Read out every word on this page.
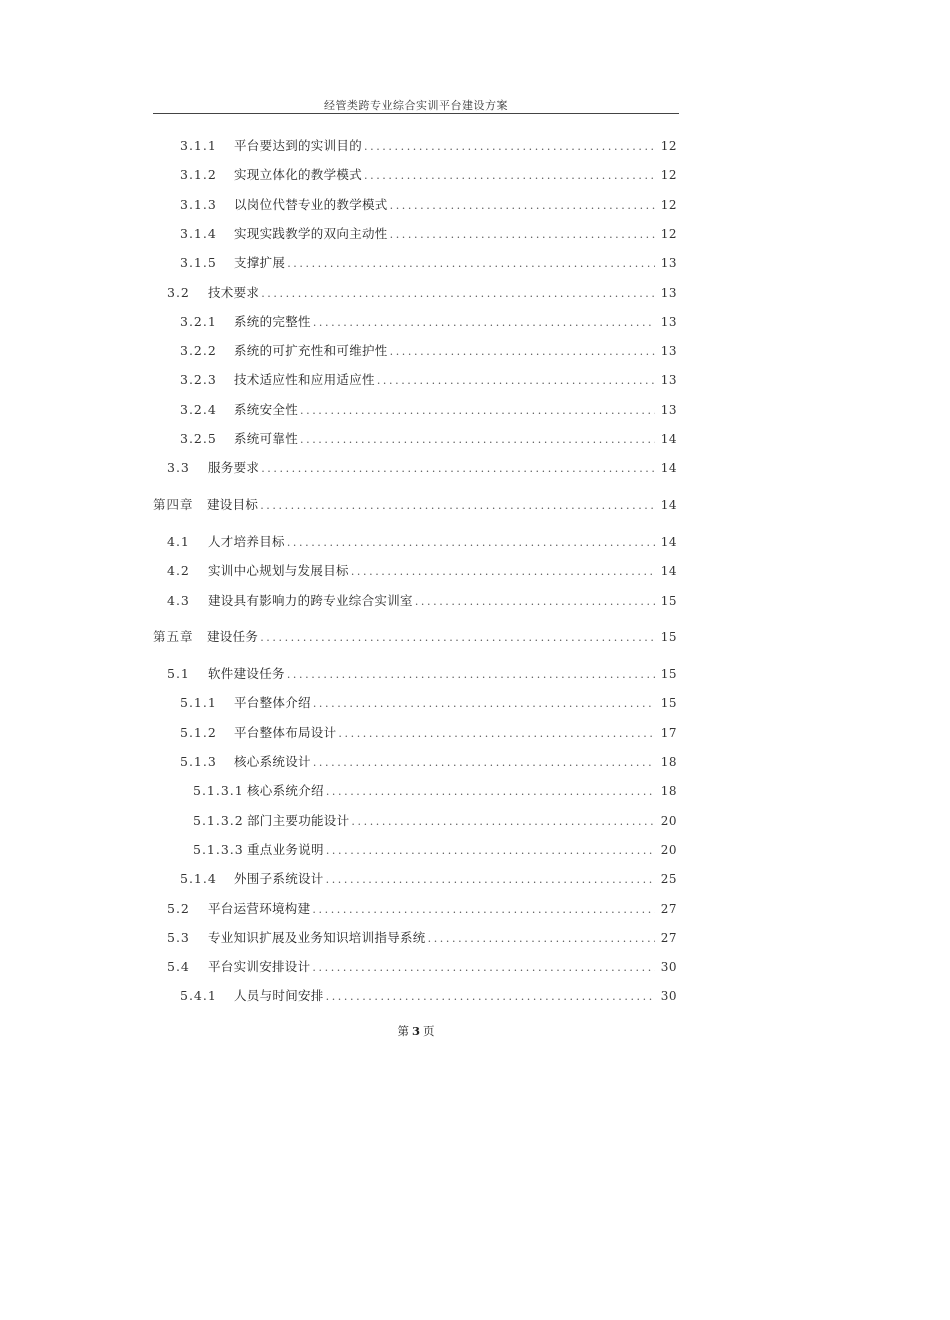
经管类跨专业综合实训平台建设方案
3.1.1	平台要达到的实训目的 .....	12
3.1.2	实现立体化的教学模式 .....	12
3.1.3	以岗位代替专业的教学模式 .....	12
3.1.4	实现实践教学的双向主动性 .....	12
3.1.5	支撑扩展 .....	13
3.2	技术要求 .....	13
3.2.1	系统的完整性 .....	13
3.2.2	系统的可扩充性和可维护性 .....	13
3.2.3	技术适应性和应用适应性 .....	13
3.2.4	系统安全性 .....	13
3.2.5	系统可靠性 .....	14
3.3	服务要求 .....	14
第四章	建设目标 .....	14
4.1	人才培养目标 .....	14
4.2	实训中心规划与发展目标 .....	14
4.3	建设具有影响力的跨专业综合实训室 .....	15
第五章	建设任务 .....	15
5.1	软件建设任务 .....	15
5.1.1	平台整体介绍 .....	15
5.1.2	平台整体布局设计 .....	17
5.1.3	核心系统设计 .....	18
5.1.3.1 核心系统介绍 .....	18
5.1.3.2 部门主要功能设计 .....	20
5.1.3.3 重点业务说明 .....	20
5.1.4	外围子系统设计 .....	25
5.2	平台运营环境构建 .....	27
5.3	专业知识扩展及业务知识培训指导系统 .....	27
5.4	平台实训安排设计 .....	30
5.4.1	人员与时间安排 .....	30
第 3 页
